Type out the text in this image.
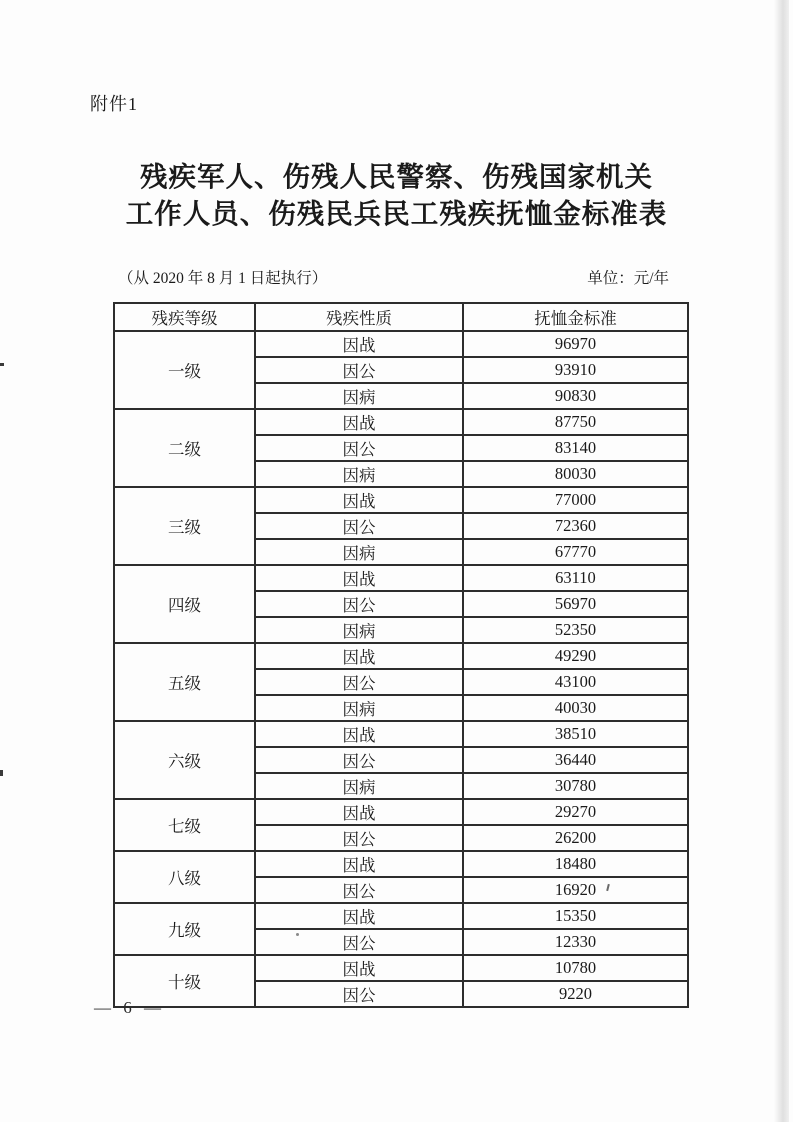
附件1
残疾军人、伤残人民警察、伤残国家机关
工作人员、伤残民兵民工残疾抚恤金标准表
（从 2020 年 8 月 1 日起执行）	单位：元/年
残疾等级	残疾性质	抚恤金标准
一级	因战	96970
	因公	93910
	因病	90830
二级	因战	87750
	因公	83140
	因病	80030
三级	因战	77000
	因公	72360
	因病	67770
四级	因战	63110
	因公	56970
	因病	52350
五级	因战	49290
	因公	43100
	因病	40030
六级	因战	38510
	因公	36440
	因病	30780
七级	因战	29270
	因公	26200
八级	因战	18480
	因公	16920
九级	因战	15350
	因公	12330
十级	因战	10780
	因公	9220
— 6 —
